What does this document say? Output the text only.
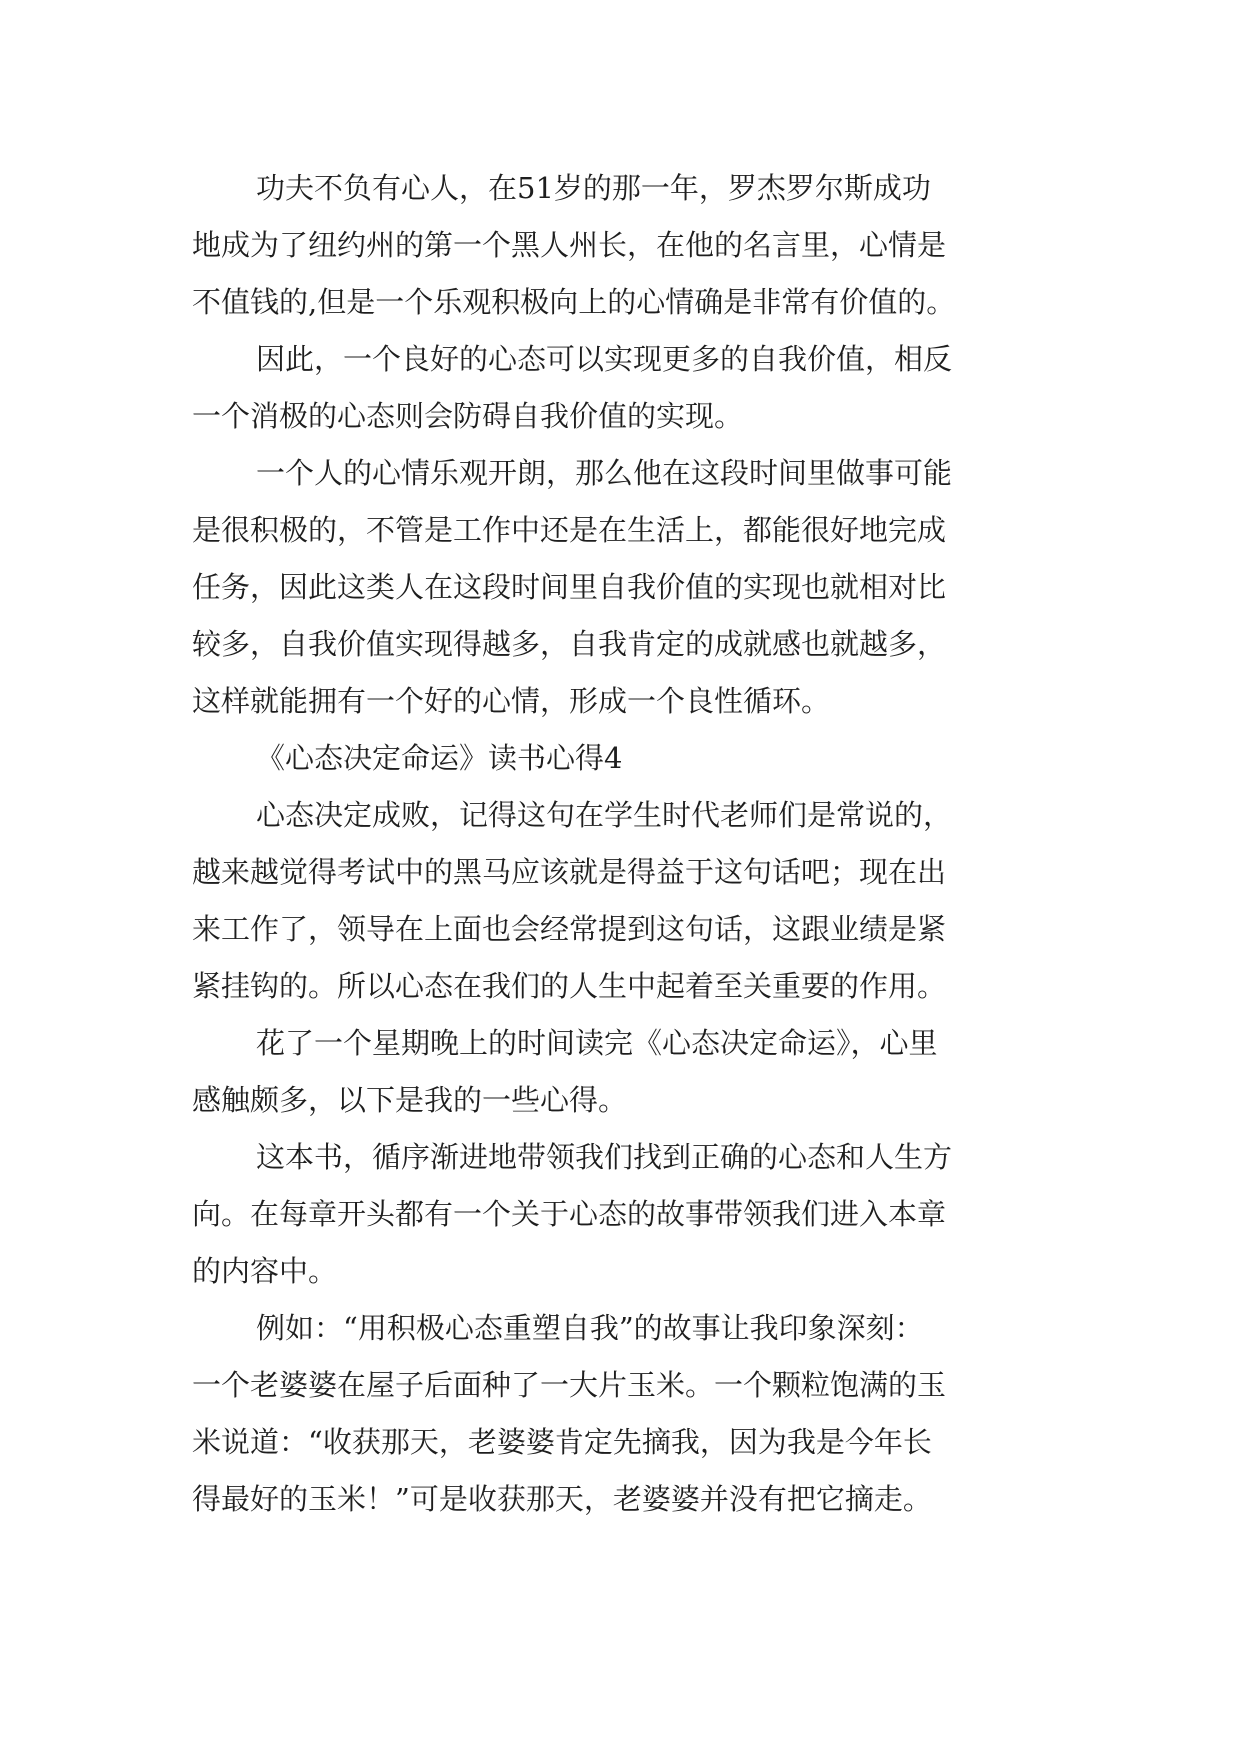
功夫不负有心人，在51岁的那一年，罗杰罗尔斯成功
地成为了纽约州的第一个黑人州长，在他的名言里，心情是
不值钱的,但是一个乐观积极向上的心情确是非常有价值的。
因此，一个良好的心态可以实现更多的自我价值，相反
一个消极的心态则会防碍自我价值的实现。
一个人的心情乐观开朗，那么他在这段时间里做事可能
是很积极的，不管是工作中还是在生活上，都能很好地完成
任务，因此这类人在这段时间里自我价值的实现也就相对比
较多，自我价值实现得越多，自我肯定的成就感也就越多，
这样就能拥有一个好的心情，形成一个良性循环。
《心态决定命运》读书心得4
心态决定成败，记得这句在学生时代老师们是常说的，
越来越觉得考试中的黑马应该就是得益于这句话吧；现在出
来工作了，领导在上面也会经常提到这句话，这跟业绩是紧
紧挂钩的。所以心态在我们的人生中起着至关重要的作用。
花了一个星期晚上的时间读完《心态决定命运》，心里
感触颇多，以下是我的一些心得。
这本书，循序渐进地带领我们找到正确的心态和人生方
向。在每章开头都有一个关于心态的故事带领我们进入本章
的内容中。
例如：“用积极心态重塑自我”的故事让我印象深刻：
一个老婆婆在屋子后面种了一大片玉米。一个颗粒饱满的玉
米说道：“收获那天，老婆婆肯定先摘我，因为我是今年长
得最好的玉米！”可是收获那天，老婆婆并没有把它摘走。
